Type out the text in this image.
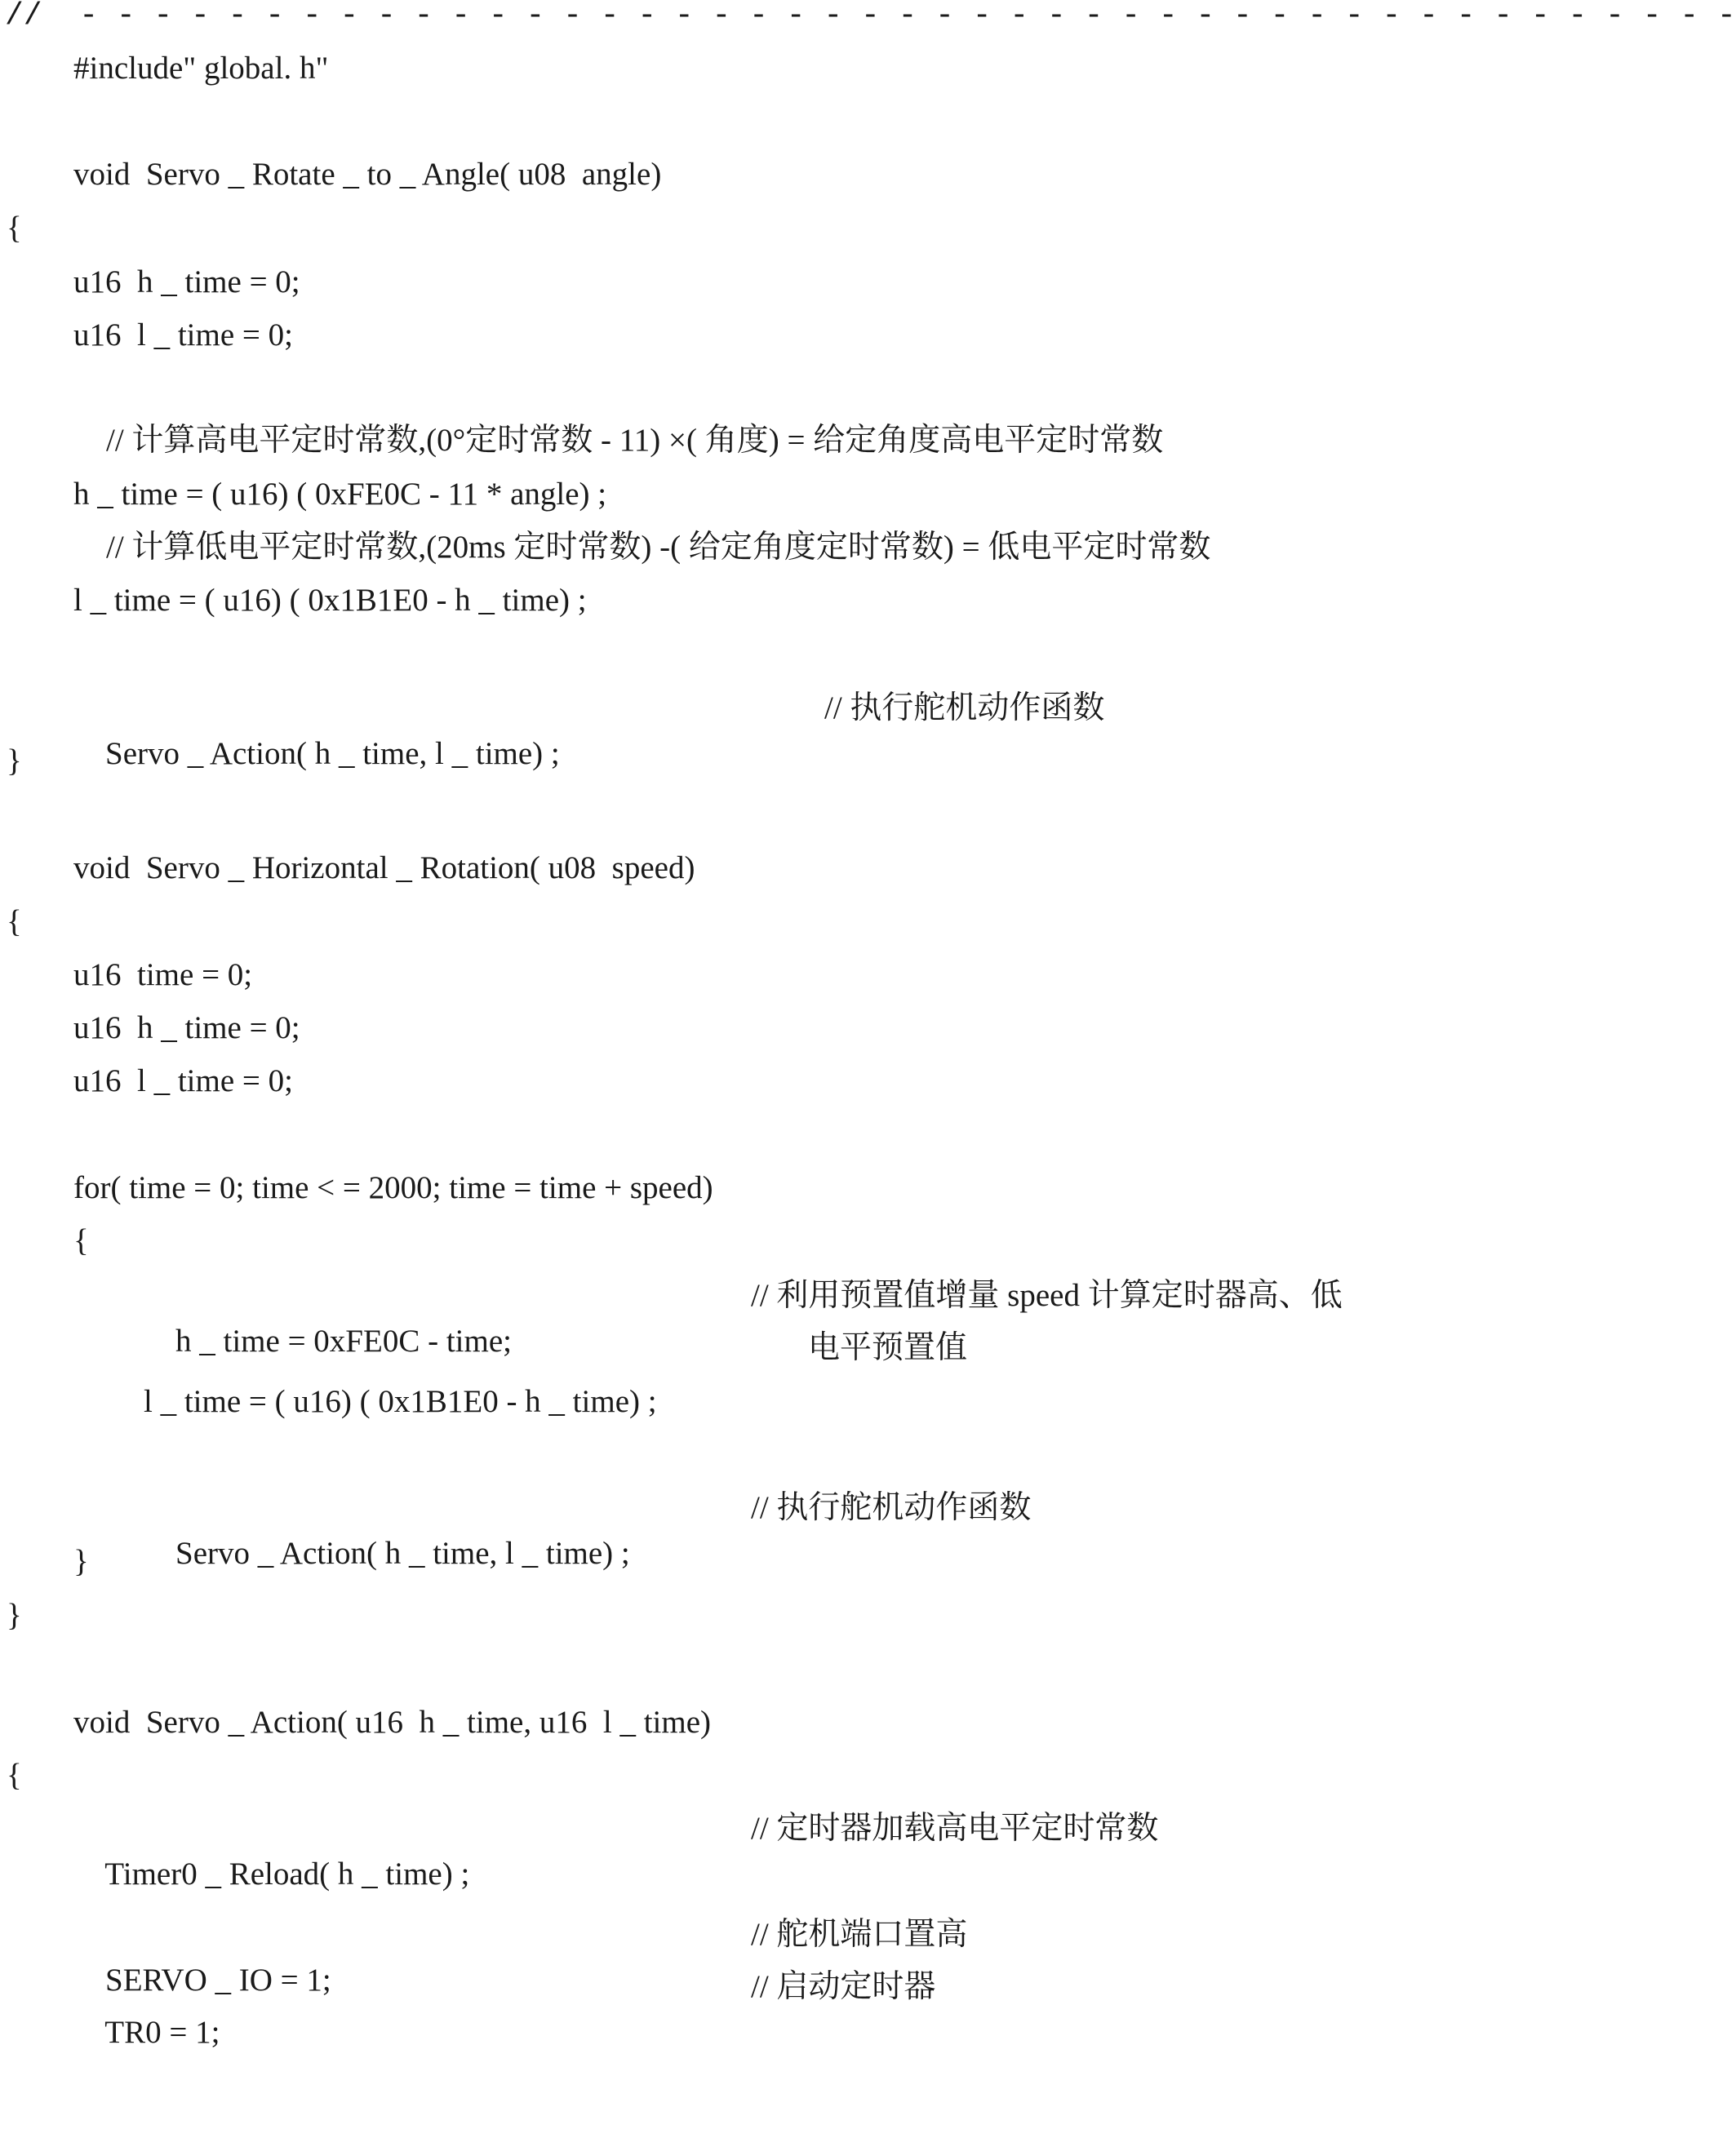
//  - - - - - - - - - - - - - - - - - - - - - - - - - - - - - - - - - - - - - - - - - - - - -
#include" global. h"
void  Servo _ Rotate _ to _ Angle( u08  angle)
{
u16  h _ time = 0;
u16  l _ time = 0;
// 计算高电平定时常数,(0°定时常数 - 11) ×( 角度) = 给定角度高电平定时常数
h _ time = ( u16) ( 0xFE0C - 11 * angle) ;
// 计算低电平定时常数,(20ms 定时常数) -( 给定角度定时常数) = 低电平定时常数
l _ time = ( u16) ( 0x1B1E0 - h _ time) ;

Servo _ Action( h _ time, l _ time) ;

// 执行舵机动作函数

}
void  Servo _ Horizontal _ Rotation( u08  speed)
{
u16  time = 0;
u16  h _ time = 0;
u16  l _ time = 0;
for( time = 0; time < = 2000; time = time + speed)
{

h _ time = 0xFE0C - time;

// 利用预置值增量 speed 计算定时器高、低

电平预置值
l _ time = ( u16) ( 0x1B1E0 - h _ time) ;

Servo _ Action( h _ time, l _ time) ;

// 执行舵机动作函数

}
}
void  Servo _ Action( u16  h _ time, u16  l _ time)
{

Timer0 _ Reload( h _ time) ;

// 定时器加载高电平定时常数

SERVO _ IO = 1;

// 舵机端口置高

TR0 = 1;

// 启动定时器
